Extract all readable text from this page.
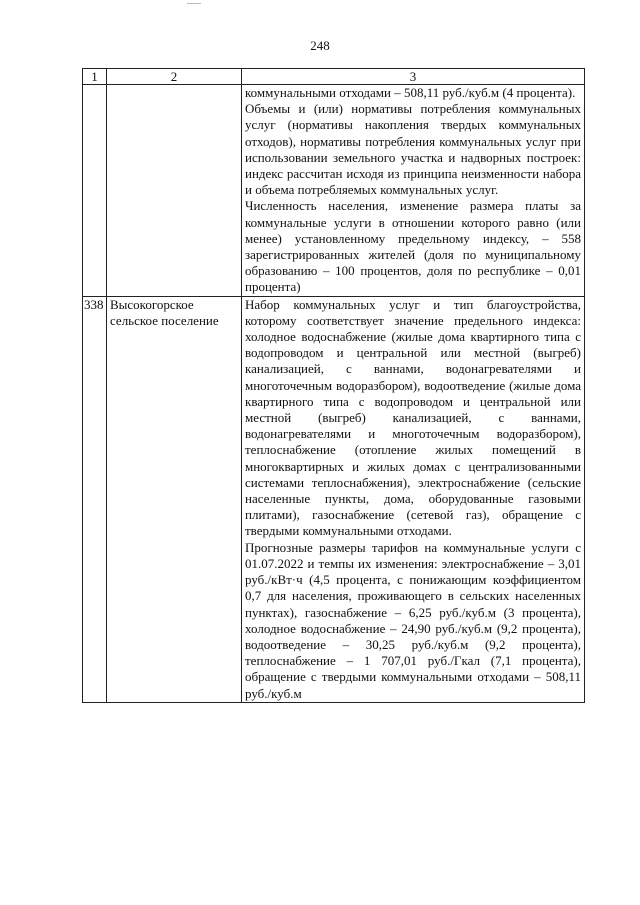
248
1	2	3

		коммунальными отходами – 508,11 руб./куб.м (4 процента).

Объемы и (или) нормативы потребления коммунальных услуг (нормативы накопления твердых коммунальных отходов), нормативы потребления коммунальных услуг при использовании земельного участка и надворных построек: индекс рассчитан исходя из принципа неизменности набора и объема потребляемых коммунальных услуг.

Численность населения, изменение размера платы за коммунальные услуги в отношении которого равно (или менее) установленному предельному индексу, – 558 зарегистрированных жителей (доля по муниципальному образованию – 100 процентов, доля по республике – 0,01 процента)

338	Высокогорское сельское поселение	Набор коммунальных услуг и тип благоустройства, которому соответствует значение предельного индекса: холодное водоснабжение (жилые дома квартирного типа с водопроводом и центральной или местной (выгреб) канализацией, с ваннами, водонагревателями и многоточечным водоразбором), водоотведение (жилые дома квартирного типа с водопроводом и центральной или местной (выгреб) канализацией, с ваннами, водонагревателями и многоточечным водоразбором), теплоснабжение (отопление жилых помещений в многоквартирных и жилых домах с централизованными системами теплоснабжения), электроснабжение (сельские населенные пункты, дома, оборудованные газовыми плитами), газоснабжение (сетевой газ), обращение с твердыми коммунальными отходами.

Прогнозные размеры тарифов на коммунальные услуги с 01.07.2022 и темпы их изменения: электроснабжение – 3,01 руб./кВт·ч (4,5 процента, с понижающим коэффициентом 0,7 для населения, проживающего в сельских населенных пунктах), газоснабжение – 6,25 руб./куб.м (3 процента), холодное водоснабжение – 24,90 руб./куб.м (9,2 процента), водоотведение – 30,25 руб./куб.м (9,2 процента), теплоснабжение – 1 707,01 руб./Гкал (7,1 процента), обращение с твердыми коммунальными отходами – 508,11 руб./куб.м
